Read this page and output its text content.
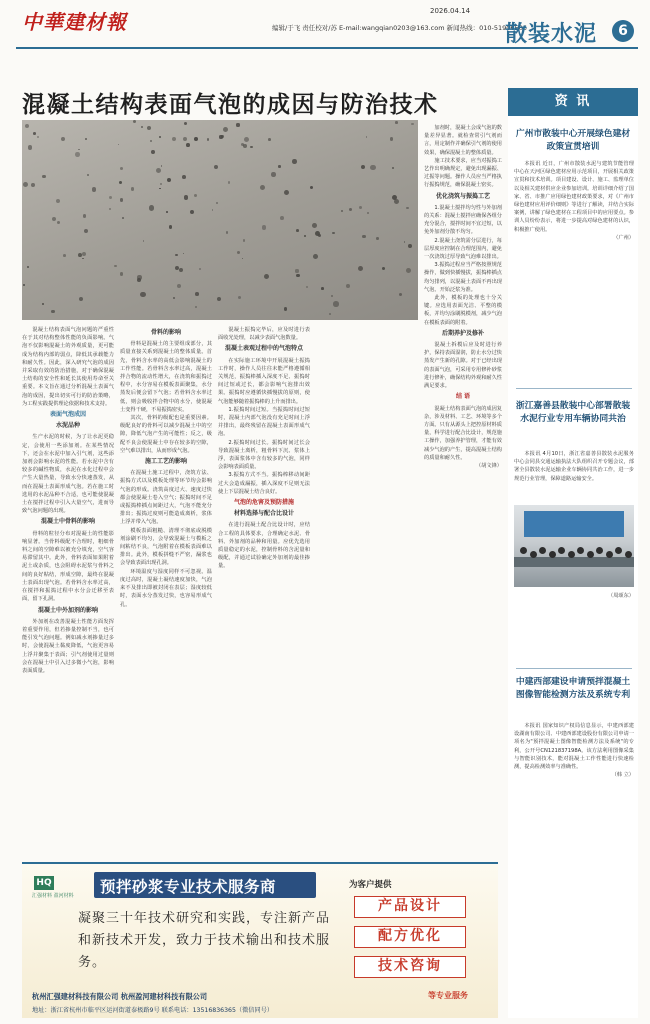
中華建材報	2026.04.14
编辑/于飞 责任校对/苏 E-mail:wangqian0203@163.com 新闻热线：010-51906505
散装水泥	6
混凝土结构表面气泡的成因与防治技术

混凝土结构表面气泡问题的严重性在于其对结构整体性能的负面影响。气泡不仅影响混凝土的外观质量，更可能成为结构内部的弱点，降低其承载能力和耐久性。因此，深入研究气泡的成因并采取有效的防治措施，对于确保混凝土结构的安全性和延长其使用寿命至关重要。本文旨在通过分析混凝土表面气泡的成因，提出切实可行的防治策略，为工程实践提供理论依据和技术支持。

表面气泡成因
水泥品种

生产水泥的时候，为了让水泥更稳定，会使用一些添加剂。在某些情况下，还会在水泥中加入引气剂，这些添加剂会影响水泥的性能。若水泥中含有较多的碱性物质，水泥在水化过程中会产生大量热量，导致水分快速蒸发，从而在混凝土表面形成气泡。若在施工时选用的水泥品种不合适，也可能使混凝土在搅拌过程中引入大量空气，进而导致气泡问题的出现。

混凝土中骨料的影响

骨料的粒径分布对混凝土的性能影响显著。当骨料级配不合理时，粗细骨料之间的空隙难以被充分填充，空气容易滞留其中。此外，骨料表面如果附着泥土或杂质，也会阻碍水泥浆与骨料之间的良好粘结，形成空隙，最终在混凝土表面出现气泡。若骨料含水率过高，在搅拌和振捣过程中水分会迁移至表面，留下孔洞。

混凝土中外加剂的影响

外加剂在改善混凝土性能方面发挥着重要作用，但若掺量控制不当，也可能引发气泡问题。例如减水剂掺量过多时，会使混凝土黏度降低，气泡更容易上浮并聚集于表面；引气剂使用过量则会在混凝土中引入过多微小气泡，影响表面质量。

骨料的影响

骨料是混凝土的主要组成部分，其质量直接关系到混凝土的整体质量。首先，骨料含水率的高低会影响混凝土的工作性能。若骨料含水率过高，混凝土拌合物的流动性增大，在浇筑和振捣过程中，水分容易在模板表面聚集，水分蒸发后便会留下气泡；若骨料含水率过低，则会吸收拌合物中的水分，使混凝土变得干硬，不易振捣密实。

其次，骨料的级配也是重要因素。级配良好的骨料可以减少混凝土中的空隙，降低气泡产生的可能性；反之，级配不良会使混凝土中存在较多的空隙，空气难以排出，从而形成气泡。

施工工艺的影响

在混凝土施工过程中，浇筑方法、振捣方式以及模板处理等环节均会影响气泡的形成。浇筑高度过大、速度过快都会使混凝土卷入空气；振捣时间不足或振捣棒插点间距过大，气泡不能充分排出；振捣过度则可能造成离析，浆体上浮并带入气泡。

模板表面粗糙、清理不彻底或脱模剂涂刷不均匀，会导致混凝土与模板之间粘结不良，气泡附着在模板表面难以排出。此外，模板拼缝不严密，漏浆也会导致表面出现孔洞。

环境温度与湿度同样不可忽视。温度过高时，混凝土凝结速度加快，气泡来不及排出即被封闭在表层；湿度较低时，表面水分蒸发过快，也容易形成气孔。

混凝土振捣完毕后，应及时进行表面收光处理，以减少表面气泡数量。

混凝土表观过程中的气泡特点

在实际施工环境中开展混凝土振捣工作时，操作人员往往未能严格遵循相关规范，振捣棒插入深度不足、振捣时间过短或过长，都会影响气泡排出效果。振捣时应遵循快插慢拔的原则，使气泡能够随着振捣棒的上升而排出。

1.振捣时间过短。当振捣时间过短时，混凝土内部气泡没有充足时间上浮并排出，最终残留在混凝土表面形成气泡。

2.振捣时间过长。振捣时间过长会导致混凝土离析，粗骨料下沉、浆体上浮，表面浆体中含有较多的气泡，同样会影响表面质量。

3.振捣方式不当。振捣棒移动间距过大会造成漏振，插入深度不足则无法使上下层混凝土结合良好。

气泡的危害及预防措施
材料选择与配合比设计

在进行混凝土配合比设计时，应结合工程的具体要求，合理确定水泥、骨料、外加剂的品种和用量。应优先选用质量稳定的水泥，控制骨料的含泥量和级配，并通过试验确定外加剂的最佳掺量。

加剂时，混凝土会成气泡的数量差异显著。就检查常引气剂而言，用定制作并确保引气剂的使用效果，确保混凝土的整体质量。

施工技术要求，应当对振捣工艺作出明确规定，避免出现漏振、过振等问题。操作人员应当严格执行振捣规范，确保混凝土密实。

优化浇筑与振捣工艺

1.混凝土搅拌均匀性与外加剂的关系：混凝土搅拌应确保各组分充分混合，搅拌时间不宜过短，以免外加剂分散不均匀。

2.混凝土浇筑需分层进行，每层厚度应控制在合理范围内，避免一次浇筑过厚导致气泡难以排出。

3.振捣过程应当严格按照规范操作，做到快插慢拔，振捣棒插点均匀排列，以混凝土表面不再出现气泡、开始泛浆为准。

此外，模板的处理也十分关键。应选用表面光洁、平整的模板，并均匀涂刷脱模剂，减少气泡在模板表面的附着。

后期养护及修补

混凝土拆模后应及时进行养护，保持表面湿润，防止水分过快蒸发产生新的孔隙。对于已经出现的表面气泡，可采用专用修补砂浆进行修补，确保结构外观和耐久性满足要求。

结 语

混凝土结构表面气泡的成因复杂，涉及材料、工艺、环境等多个方面。只有从源头上把控原材料质量，科学进行配合比设计，规范施工操作，加强养护管理，才能有效减少气泡的产生，提高混凝土结构的质量和耐久性。

（胡文锋）
资 讯
广州市散装中心开展绿色建材政策宣贯培训

本报讯 近日，广州市散装水泥与建筑节能管理中心在天河区绿色建材应用示范项目，开展相关政策宣贯和技术培训。项目建设、设计、施工、监理单位以及相关建材供应企业参加培训。培训详细介绍了国家、省、市推广应用绿色建材政策要求，对《广州市绿色建材应用评价细则》等进行了解读，并结合实际案例，讲解了绿色建材在工程项目中的应用要点。参训人员纷纷表示，将进一步提高对绿色建材的认识，积极推广使用。

（广州）
浙江嘉善县散装中心部署散装水泥行业专用车辆协同共治

本报讯 4月10日，浙江省嘉善县散装水泥服务中心会同县交通运输执法大队组织召开专题会议，部署全县散装水泥运输企业车辆协同共治工作，进一步规范行业管理，保障道路运输安全。

（周颂东）
中建西部建设申请预拌混凝土图像智能检测方法及系统专利

本报讯 国家知识产权局信息显示，中建西部建设湖南有限公司、中建西部建设股份有限公司申请一项名为"预拌混凝土图像智能检测方法及系统"的专利，公开号CN121837198A。该方法利用图像采集与智能识别技术，能对混凝土工作性能进行快速检测，提高检测效率与准确性。

（韩 立）
HQ
汇强材料 盈河材料 预拌砂浆专业技术服务商	为客户提供
凝聚三十年技术研究和实践，专注新产品和新技术开发，致力于技术输出和技术服务。
产品设计
配方优化
技术咨询
等专业服务
杭州汇强建材科技有限公司 杭州盈河建材科技有限公司
地址：浙江省杭州市临平区运河街道泰极路9号 联系电话：13516836365（微信同号）
